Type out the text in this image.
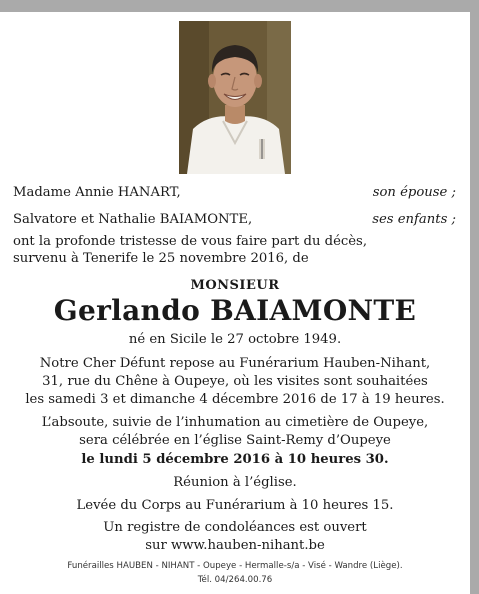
Madame Annie HANART,	son épouse ;
Salvatore et Nathalie BAIAMONTE,	ses enfants ;
ont la profonde tristesse de vous faire part du décès,
survenu à Tenerife le 25 novembre 2016, de
MONSIEUR
Gerlando BAIAMONTE
né en Sicile le 27 octobre 1949.
Notre Cher Défunt repose au Funérarium Hauben-Nihant,
31, rue du Chêne à Oupeye, où les visites sont souhaitées
les samedi 3 et dimanche 4 décembre 2016 de 17 à 19 heures.
L’absoute, suivie de l’inhumation au cimetière de Oupeye,
sera célébrée en l’église Saint-Remy d’Oupeye
le lundi 5 décembre 2016 à 10 heures 30.
Réunion à l’église.
Levée du Corps au Funérarium à 10 heures 15.
Un registre de condoléances est ouvert
sur www.hauben-nihant.be
Funérailles HAUBEN - NIHANT - Oupeye - Hermalle-s/a - Visé - Wandre (Liège).
Tél. 04/264.00.76
